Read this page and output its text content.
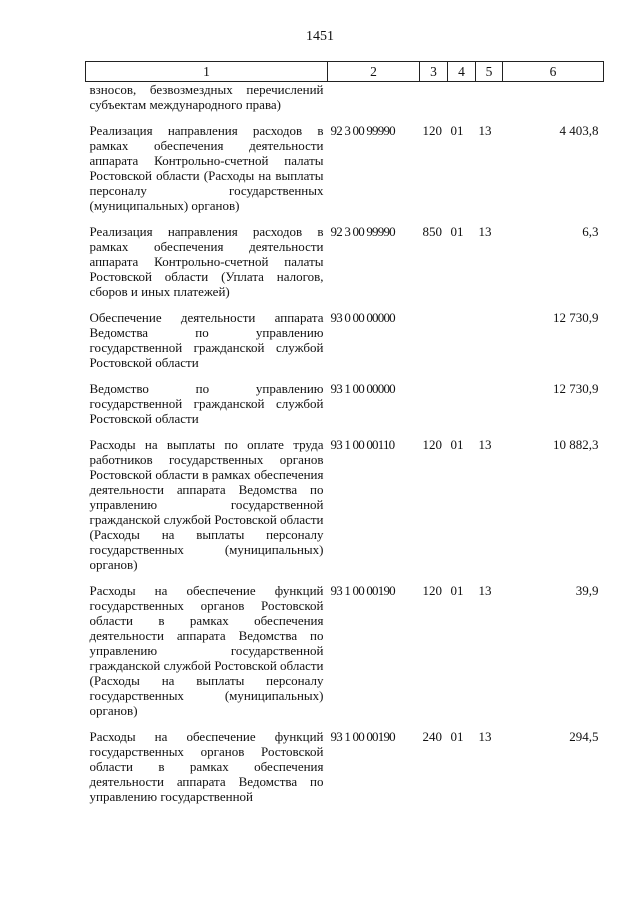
1451
1	2	3	4	5	6
взносов, безвозмездных перечислений субъектам международного права)					

Реализация направления расходов в рамках обеспечения деятельности аппарата Контрольно-счетной палаты Ростовской области (Расходы на выплаты персоналу государственных (муниципальных) органов)	92 3 00 99990	120	01	13	4 403,8

Реализация направления расходов в рамках обеспечения деятельности аппарата Контрольно-счетной палаты Ростовской области (Уплата налогов, сборов и иных платежей)	92 3 00 99990	850	01	13	6,3

Обеспечение деятельности аппарата Ведомства по управлению государственной гражданской службой Ростовской области	93 0 00 00000				12 730,9

Ведомство по управлению государственной гражданской службой Ростовской области	93 1 00 00000				12 730,9

Расходы на выплаты по оплате труда работников государственных органов Ростовской области в рамках обеспечения деятельности аппарата Ведомства по управлению государственной гражданской службой Ростовской области (Расходы на выплаты персоналу государственных (муниципальных) органов)	93 1 00 00110	120	01	13	10 882,3

Расходы на обеспечение функций государственных органов Ростовской области в рамках обеспечения деятельности аппарата Ведомства по управлению государственной гражданской службой Ростовской области (Расходы на выплаты персоналу государственных (муниципальных) органов)	93 1 00 00190	120	01	13	39,9

Расходы на обеспечение функций государственных органов Ростовской области в рамках обеспечения деятельности аппарата Ведомства по управлению государственной	93 1 00 00190	240	01	13	294,5
